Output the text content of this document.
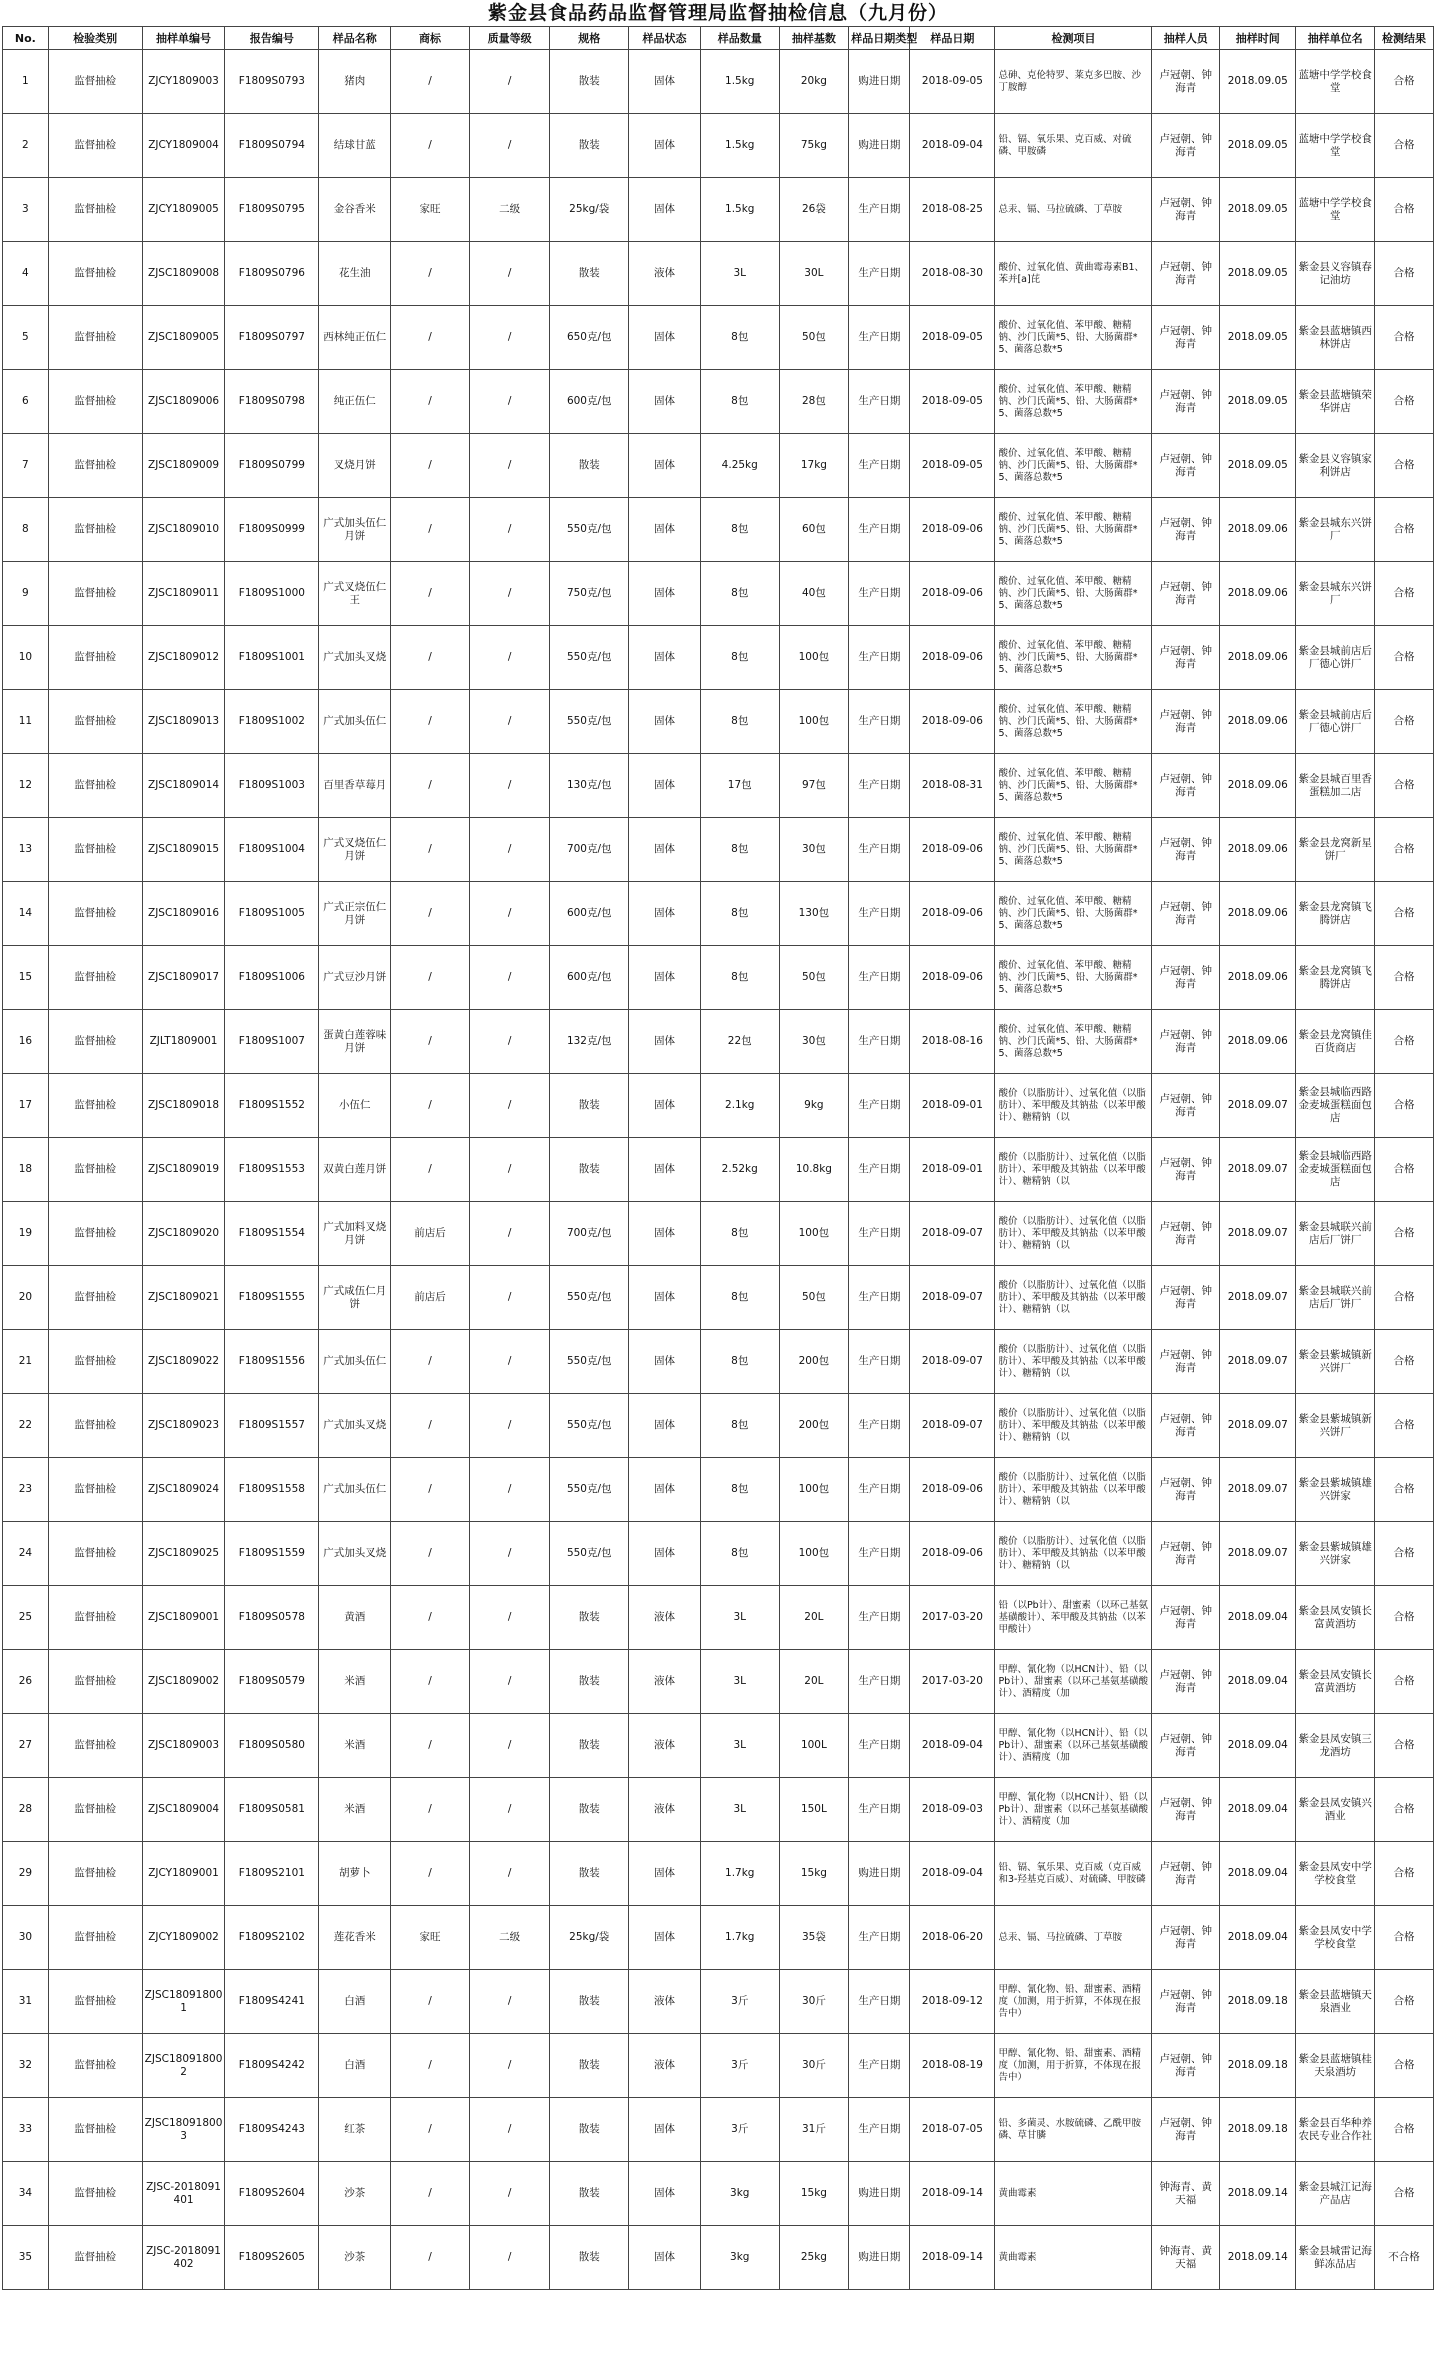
紫金县食品药品监督管理局监督抽检信息（九月份）
No.	检验类别	抽样单编号	报告编号	样品名称	商标	质量等级	规格	样品状态	样品数量	抽样基数	样品日期类型	样品日期	检测项目	抽样人员	抽样时间	抽样单位名	检测结果
1	监督抽检	ZJCY1809003	F1809S0793	猪肉	/	/	散装	固体	1.5kg	20kg	购进日期	2018-09-05	总砷、克伦特罗、莱克多巴胺、沙丁胺醇	卢冠朝、钟海青	2018.09.05	蓝塘中学学校食堂	合格
2	监督抽检	ZJCY1809004	F1809S0794	结球甘蓝	/	/	散装	固体	1.5kg	75kg	购进日期	2018-09-04	铅、镉、氧乐果、克百威、对硫磷、甲胺磷	卢冠朝、钟海青	2018.09.05	蓝塘中学学校食堂	合格
3	监督抽检	ZJCY1809005	F1809S0795	金谷香米	家旺	二级	25kg/袋	固体	1.5kg	26袋	生产日期	2018-08-25	总汞、镉、马拉硫磷、丁草胺	卢冠朝、钟海青	2018.09.05	蓝塘中学学校食堂	合格
4	监督抽检	ZJSC1809008	F1809S0796	花生油	/	/	散装	液体	3L	30L	生产日期	2018-08-30	酸价、过氧化值、黄曲霉毒素B1、苯并[a]芘	卢冠朝、钟海青	2018.09.05	紫金县义容镇春记油坊	合格
5	监督抽检	ZJSC1809005	F1809S0797	西林纯正伍仁	/	/	650克/包	固体	8包	50包	生产日期	2018-09-05	酸价、过氧化值、苯甲酸、糖精钠、沙门氏菌*5、铅、大肠菌群*5、菌落总数*5	卢冠朝、钟海青	2018.09.05	紫金县蓝塘镇西林饼店	合格
6	监督抽检	ZJSC1809006	F1809S0798	纯正伍仁	/	/	600克/包	固体	8包	28包	生产日期	2018-09-05	酸价、过氧化值、苯甲酸、糖精钠、沙门氏菌*5、铅、大肠菌群*5、菌落总数*5	卢冠朝、钟海青	2018.09.05	紫金县蓝塘镇荣华饼店	合格
7	监督抽检	ZJSC1809009	F1809S0799	叉烧月饼	/	/	散装	固体	4.25kg	17kg	生产日期	2018-09-05	酸价、过氧化值、苯甲酸、糖精钠、沙门氏菌*5、铅、大肠菌群*5、菌落总数*5	卢冠朝、钟海青	2018.09.05	紫金县义容镇家利饼店	合格
8	监督抽检	ZJSC1809010	F1809S0999	广式加头伍仁月饼	/	/	550克/包	固体	8包	60包	生产日期	2018-09-06	酸价、过氧化值、苯甲酸、糖精钠、沙门氏菌*5、铅、大肠菌群*5、菌落总数*5	卢冠朝、钟海青	2018.09.06	紫金县城东兴饼厂	合格
9	监督抽检	ZJSC1809011	F1809S1000	广式叉烧伍仁王	/	/	750克/包	固体	8包	40包	生产日期	2018-09-06	酸价、过氧化值、苯甲酸、糖精钠、沙门氏菌*5、铅、大肠菌群*5、菌落总数*5	卢冠朝、钟海青	2018.09.06	紫金县城东兴饼厂	合格
10	监督抽检	ZJSC1809012	F1809S1001	广式加头叉烧	/	/	550克/包	固体	8包	100包	生产日期	2018-09-06	酸价、过氧化值、苯甲酸、糖精钠、沙门氏菌*5、铅、大肠菌群*5、菌落总数*5	卢冠朝、钟海青	2018.09.06	紫金县城前店后厂德心饼厂	合格
11	监督抽检	ZJSC1809013	F1809S1002	广式加头伍仁	/	/	550克/包	固体	8包	100包	生产日期	2018-09-06	酸价、过氧化值、苯甲酸、糖精钠、沙门氏菌*5、铅、大肠菌群*5、菌落总数*5	卢冠朝、钟海青	2018.09.06	紫金县城前店后厂德心饼厂	合格
12	监督抽检	ZJSC1809014	F1809S1003	百里香草莓月	/	/	130克/包	固体	17包	97包	生产日期	2018-08-31	酸价、过氧化值、苯甲酸、糖精钠、沙门氏菌*5、铅、大肠菌群*5、菌落总数*5	卢冠朝、钟海青	2018.09.06	紫金县城百里香蛋糕加二店	合格
13	监督抽检	ZJSC1809015	F1809S1004	广式叉烧伍仁月饼	/	/	700克/包	固体	8包	30包	生产日期	2018-09-06	酸价、过氧化值、苯甲酸、糖精钠、沙门氏菌*5、铅、大肠菌群*5、菌落总数*5	卢冠朝、钟海青	2018.09.06	紫金县龙窝新星饼厂	合格
14	监督抽检	ZJSC1809016	F1809S1005	广式正宗伍仁月饼	/	/	600克/包	固体	8包	130包	生产日期	2018-09-06	酸价、过氧化值、苯甲酸、糖精钠、沙门氏菌*5、铅、大肠菌群*5、菌落总数*5	卢冠朝、钟海青	2018.09.06	紫金县龙窝镇飞腾饼店	合格
15	监督抽检	ZJSC1809017	F1809S1006	广式豆沙月饼	/	/	600克/包	固体	8包	50包	生产日期	2018-09-06	酸价、过氧化值、苯甲酸、糖精钠、沙门氏菌*5、铅、大肠菌群*5、菌落总数*5	卢冠朝、钟海青	2018.09.06	紫金县龙窝镇飞腾饼店	合格
16	监督抽检	ZJLT1809001	F1809S1007	蛋黄白莲蓉味月饼	/	/	132克/包	固体	22包	30包	生产日期	2018-08-16	酸价、过氧化值、苯甲酸、糖精钠、沙门氏菌*5、铅、大肠菌群*5、菌落总数*5	卢冠朝、钟海青	2018.09.06	紫金县龙窝镇佳百货商店	合格
17	监督抽检	ZJSC1809018	F1809S1552	小伍仁	/	/	散装	固体	2.1kg	9kg	生产日期	2018-09-01	酸价（以脂肪计）、过氧化值（以脂肪计）、苯甲酸及其钠盐（以苯甲酸计）、糖精钠（以	卢冠朝、钟海青	2018.09.07	紫金县城临西路金麦城蛋糕面包店	合格
18	监督抽检	ZJSC1809019	F1809S1553	双黄白莲月饼	/	/	散装	固体	2.52kg	10.8kg	生产日期	2018-09-01	酸价（以脂肪计）、过氧化值（以脂肪计）、苯甲酸及其钠盐（以苯甲酸计）、糖精钠（以	卢冠朝、钟海青	2018.09.07	紫金县城临西路金麦城蛋糕面包店	合格
19	监督抽检	ZJSC1809020	F1809S1554	广式加料叉烧月饼	前店后	/	700克/包	固体	8包	100包	生产日期	2018-09-07	酸价（以脂肪计）、过氧化值（以脂肪计）、苯甲酸及其钠盐（以苯甲酸计）、糖精钠（以	卢冠朝、钟海青	2018.09.07	紫金县城联兴前店后厂饼厂	合格
20	监督抽检	ZJSC1809021	F1809S1555	广式咸伍仁月饼	前店后	/	550克/包	固体	8包	50包	生产日期	2018-09-07	酸价（以脂肪计）、过氧化值（以脂肪计）、苯甲酸及其钠盐（以苯甲酸计）、糖精钠（以	卢冠朝、钟海青	2018.09.07	紫金县城联兴前店后厂饼厂	合格
21	监督抽检	ZJSC1809022	F1809S1556	广式加头伍仁	/	/	550克/包	固体	8包	200包	生产日期	2018-09-07	酸价（以脂肪计）、过氧化值（以脂肪计）、苯甲酸及其钠盐（以苯甲酸计）、糖精钠（以	卢冠朝、钟海青	2018.09.07	紫金县紫城镇新兴饼厂	合格
22	监督抽检	ZJSC1809023	F1809S1557	广式加头叉烧	/	/	550克/包	固体	8包	200包	生产日期	2018-09-07	酸价（以脂肪计）、过氧化值（以脂肪计）、苯甲酸及其钠盐（以苯甲酸计）、糖精钠（以	卢冠朝、钟海青	2018.09.07	紫金县紫城镇新兴饼厂	合格
23	监督抽检	ZJSC1809024	F1809S1558	广式加头伍仁	/	/	550克/包	固体	8包	100包	生产日期	2018-09-06	酸价（以脂肪计）、过氧化值（以脂肪计）、苯甲酸及其钠盐（以苯甲酸计）、糖精钠（以	卢冠朝、钟海青	2018.09.07	紫金县紫城镇雄兴饼家	合格
24	监督抽检	ZJSC1809025	F1809S1559	广式加头叉烧	/	/	550克/包	固体	8包	100包	生产日期	2018-09-06	酸价（以脂肪计）、过氧化值（以脂肪计）、苯甲酸及其钠盐（以苯甲酸计）、糖精钠（以	卢冠朝、钟海青	2018.09.07	紫金县紫城镇雄兴饼家	合格
25	监督抽检	ZJSC1809001	F1809S0578	黄酒	/	/	散装	液体	3L	20L	生产日期	2017-03-20	铅（以Pb计）、甜蜜素（以环己基氨基磺酸计）、苯甲酸及其钠盐（以苯甲酸计）	卢冠朝、钟海青	2018.09.04	紫金县凤安镇长富黄酒坊	合格
26	监督抽检	ZJSC1809002	F1809S0579	米酒	/	/	散装	液体	3L	20L	生产日期	2017-03-20	甲醇、氰化物（以HCN计）、铅（以Pb计）、甜蜜素（以环己基氨基磺酸计）、酒精度（加	卢冠朝、钟海青	2018.09.04	紫金县凤安镇长富黄酒坊	合格
27	监督抽检	ZJSC1809003	F1809S0580	米酒	/	/	散装	液体	3L	100L	生产日期	2018-09-04	甲醇、氰化物（以HCN计）、铅（以Pb计）、甜蜜素（以环己基氨基磺酸计）、酒精度（加	卢冠朝、钟海青	2018.09.04	紫金县凤安镇三龙酒坊	合格
28	监督抽检	ZJSC1809004	F1809S0581	米酒	/	/	散装	液体	3L	150L	生产日期	2018-09-03	甲醇、氰化物（以HCN计）、铅（以Pb计）、甜蜜素（以环己基氨基磺酸计）、酒精度（加	卢冠朝、钟海青	2018.09.04	紫金县凤安镇兴酒业	合格
29	监督抽检	ZJCY1809001	F1809S2101	胡萝卜	/	/	散装	固体	1.7kg	15kg	购进日期	2018-09-04	铅、镉、氧乐果、克百威（克百威和3-羟基克百威）、对硫磷、甲胺磷	卢冠朝、钟海青	2018.09.04	紫金县凤安中学学校食堂	合格
30	监督抽检	ZJCY1809002	F1809S2102	莲花香米	家旺	二级	25kg/袋	固体	1.7kg	35袋	生产日期	2018-06-20	总汞、镉、马拉硫磷、丁草胺	卢冠朝、钟海青	2018.09.04	紫金县凤安中学学校食堂	合格
31	监督抽检	ZJSC180918001	F1809S4241	白酒	/	/	散装	液体	3斤	30斤	生产日期	2018-09-12	甲醇、氰化物、铅、甜蜜素、酒精度（加测，用于折算，不体现在报告中）	卢冠朝、钟海青	2018.09.18	紫金县蓝塘镇天泉酒业	合格
32	监督抽检	ZJSC180918002	F1809S4242	白酒	/	/	散装	液体	3斤	30斤	生产日期	2018-08-19	甲醇、氰化物、铅、甜蜜素、酒精度（加测，用于折算，不体现在报告中）	卢冠朝、钟海青	2018.09.18	紫金县蓝塘镇桂天泉酒坊	合格
33	监督抽检	ZJSC180918003	F1809S4243	红茶	/	/	散装	固体	3斤	31斤	生产日期	2018-07-05	铅、多菌灵、水胺硫磷、乙酰甲胺磷、草甘膦	卢冠朝、钟海青	2018.09.18	紫金县百华种养农民专业合作社	合格
34	监督抽检	ZJSC-2018091401	F1809S2604	沙茶	/	/	散装	固体	3kg	15kg	购进日期	2018-09-14	黄曲霉素	钟海青、黄天福	2018.09.14	紫金县城江记海产品店	合格
35	监督抽检	ZJSC-2018091402	F1809S2605	沙茶	/	/	散装	固体	3kg	25kg	购进日期	2018-09-14	黄曲霉素	钟海青、黄天福	2018.09.14	紫金县城雷记海鲜冻品店	不合格
